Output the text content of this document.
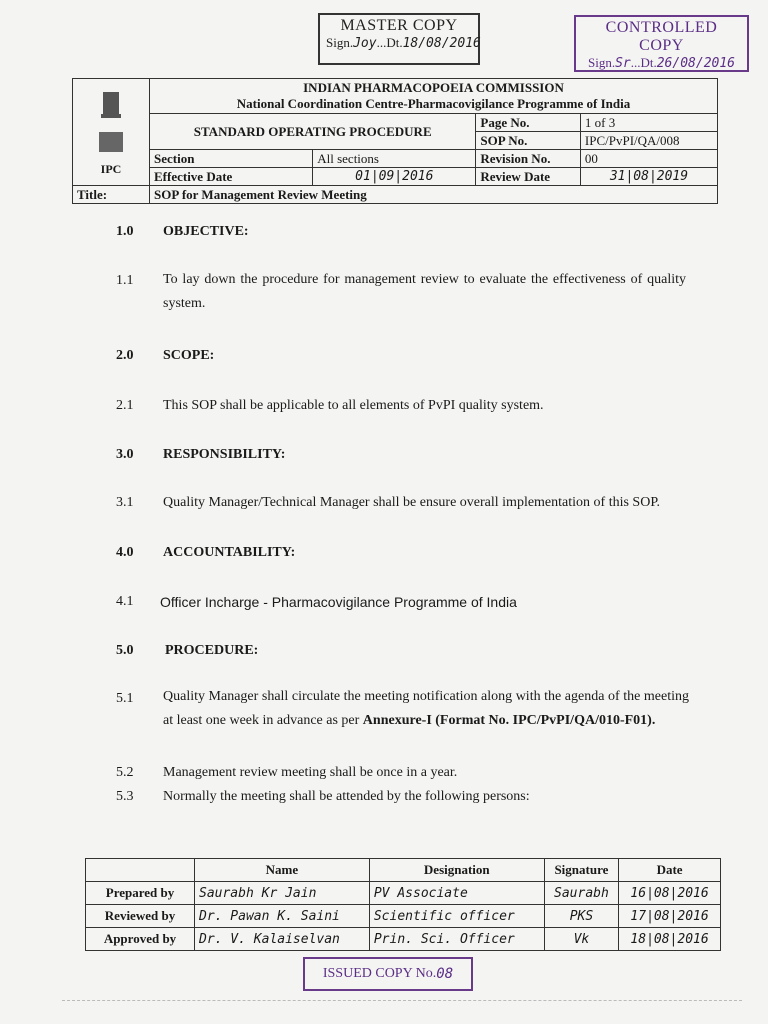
MASTER COPY
Sign.Joy...Dt.18/08/2016
CONTROLLED COPY
Sign.Sr...Dt.26/08/2016
IPC	INDIAN PHARMACOPOEIA COMMISSION
National Coordination Centre-Pharmacovigilance Programme of India			

	STANDARD OPERATING PROCEDURE		Page No.	1 of 3
			SOP No.	IPC/PvPI/QA/008
	Section	All sections	Revision No.	00
	Effective Date	01|09|2016	Review Date	31|08|2019
Title:	SOP for Management Review Meeting			
1.0 OBJECTIVE:
1.1 To lay down the procedure for management review to evaluate the effectiveness of quality system.
2.0 SCOPE:
2.1 This SOP shall be applicable to all elements of PvPI quality system.
3.0 RESPONSIBILITY:
3.1 Quality Manager/Technical Manager shall be ensure overall implementation of this SOP.
4.0 ACCOUNTABILITY:
4.1 Officer Incharge - Pharmacovigilance Programme of India
5.0 PROCEDURE:
5.1 Quality Manager shall circulate the meeting notification along with the agenda of the meeting at least one week in advance as per Annexure-I (Format No. IPC/PvPI/QA/010-F01).
5.2 Management review meeting shall be once in a year.
5.3 Normally the meeting shall be attended by the following persons:
	Name	Designation	Signature	Date
Prepared by	Saurabh Kr Jain	PV Associate	Saurabh	16|08|2016
Reviewed by	Dr. Pawan K. Saini	Scientific officer	PKS	17|08|2016
Approved by	Dr. V. Kalaiselvan	Prin. Sci. Officer	Vk	18|08|2016
ISSUED COPY No. 08
